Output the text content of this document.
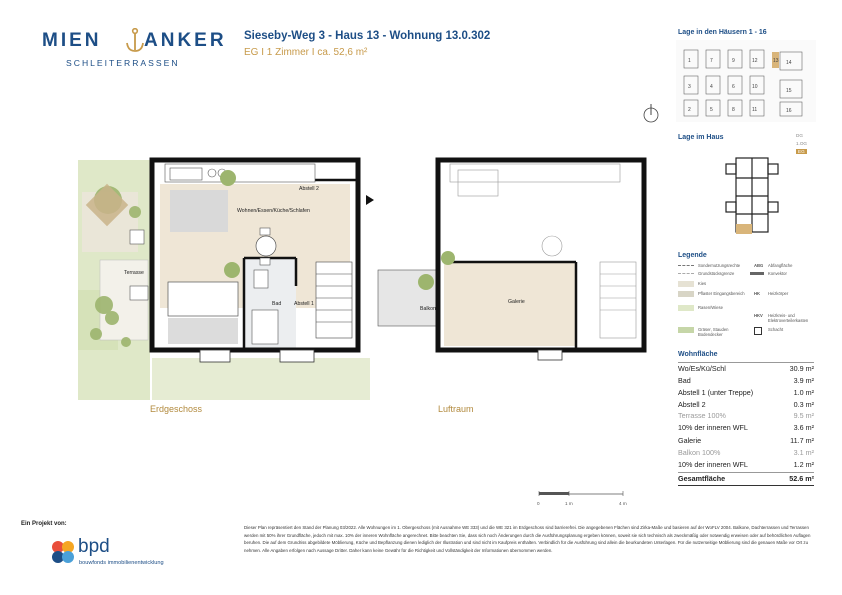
MIEN ANKER
SCHLEITERRASSEN
Sieseby-Weg 3 - Haus 13 - Wohnung 13.0.302
EG I 1 Zimmer I ca. 52,6 m²
Lage in den Häusern 1 - 16
1	7	9
3	4	6	10
2	5	8	11
12	13 14
15
16
Lage im Haus	DG
1.OG
EG
Legende
Sondernutzungsrechte	ABG Abfangfläche
Grundstücksgrenze	Konvektor
Kies
Pflaster Eingangsbereich	HK Heizkörper
Rasen/Wiese
HKV Heizkreis- und Elektroverteilerkasten
Gräser, Stauden Bodendecker
Schacht
Wohnfläche
Wo/Es/Kü/Schl	30.9 m²
Bad	3.9 m²
Abstell 1 (unter Treppe)	1.0 m²
Abstell 2	0.3 m²
Terrasse 100%	9.5 m²
10% der inneren WFL	3.6 m²
Galerie	11.7 m²
Balkon 100%	3.1 m²
10% der inneren WFL	1.2 m²
Gesamtfläche	52.6 m²
Abstell 2
Wohnen/Essen/Küche/Schlafen
Terrasse
Bad Abstell 1	Galerie
Balkon
Erdgeschoss	Luftraum
0	1 m	4 m
Ein Projekt von:
bpd
bouwfonds immobilienentwicklung
Dieser Plan repräsentiert den Stand der Planung 03/2022. Alle Wohnungen im 1. Obergeschoss (mit Ausnahme WE 333) und die WE 321 im Erdgeschoss sind barrierefrei. Die angegebenen Flächen sind Zirka-Maße und basieren auf der WoFLV 2004. Balkone, Dachterrassen und Terrassen werden mit 50% ihrer Grundfläche, jedoch mit max. 10% der inneren Wohnfläche angerechnet. Bitte beachten Sie, dass sich noch Änderungen durch die Ausführungsplanung ergeben können, soweit sie sich technisch als zweckmäßig oder notwendig erweisen oder auf behördlichen Auflagen beruhen. Die auf dem Grundriss abgebildete Möblierung, Küche und Bepflanzung dienen lediglich der Illustration und sind nicht im Kaufpreis enthalten. Verbindlich für die Ausführung sind allein die beurkundeten Unterlagen. Für die nutzerseitige Möblierung sind die genauen Maße vor Ort zu nehmen. Alle Angaben erfolgen nach Aussage Dritter. Daher kann keine Gewähr für die Richtigkeit und Vollständigkeit der Informationen übernommen werden.
